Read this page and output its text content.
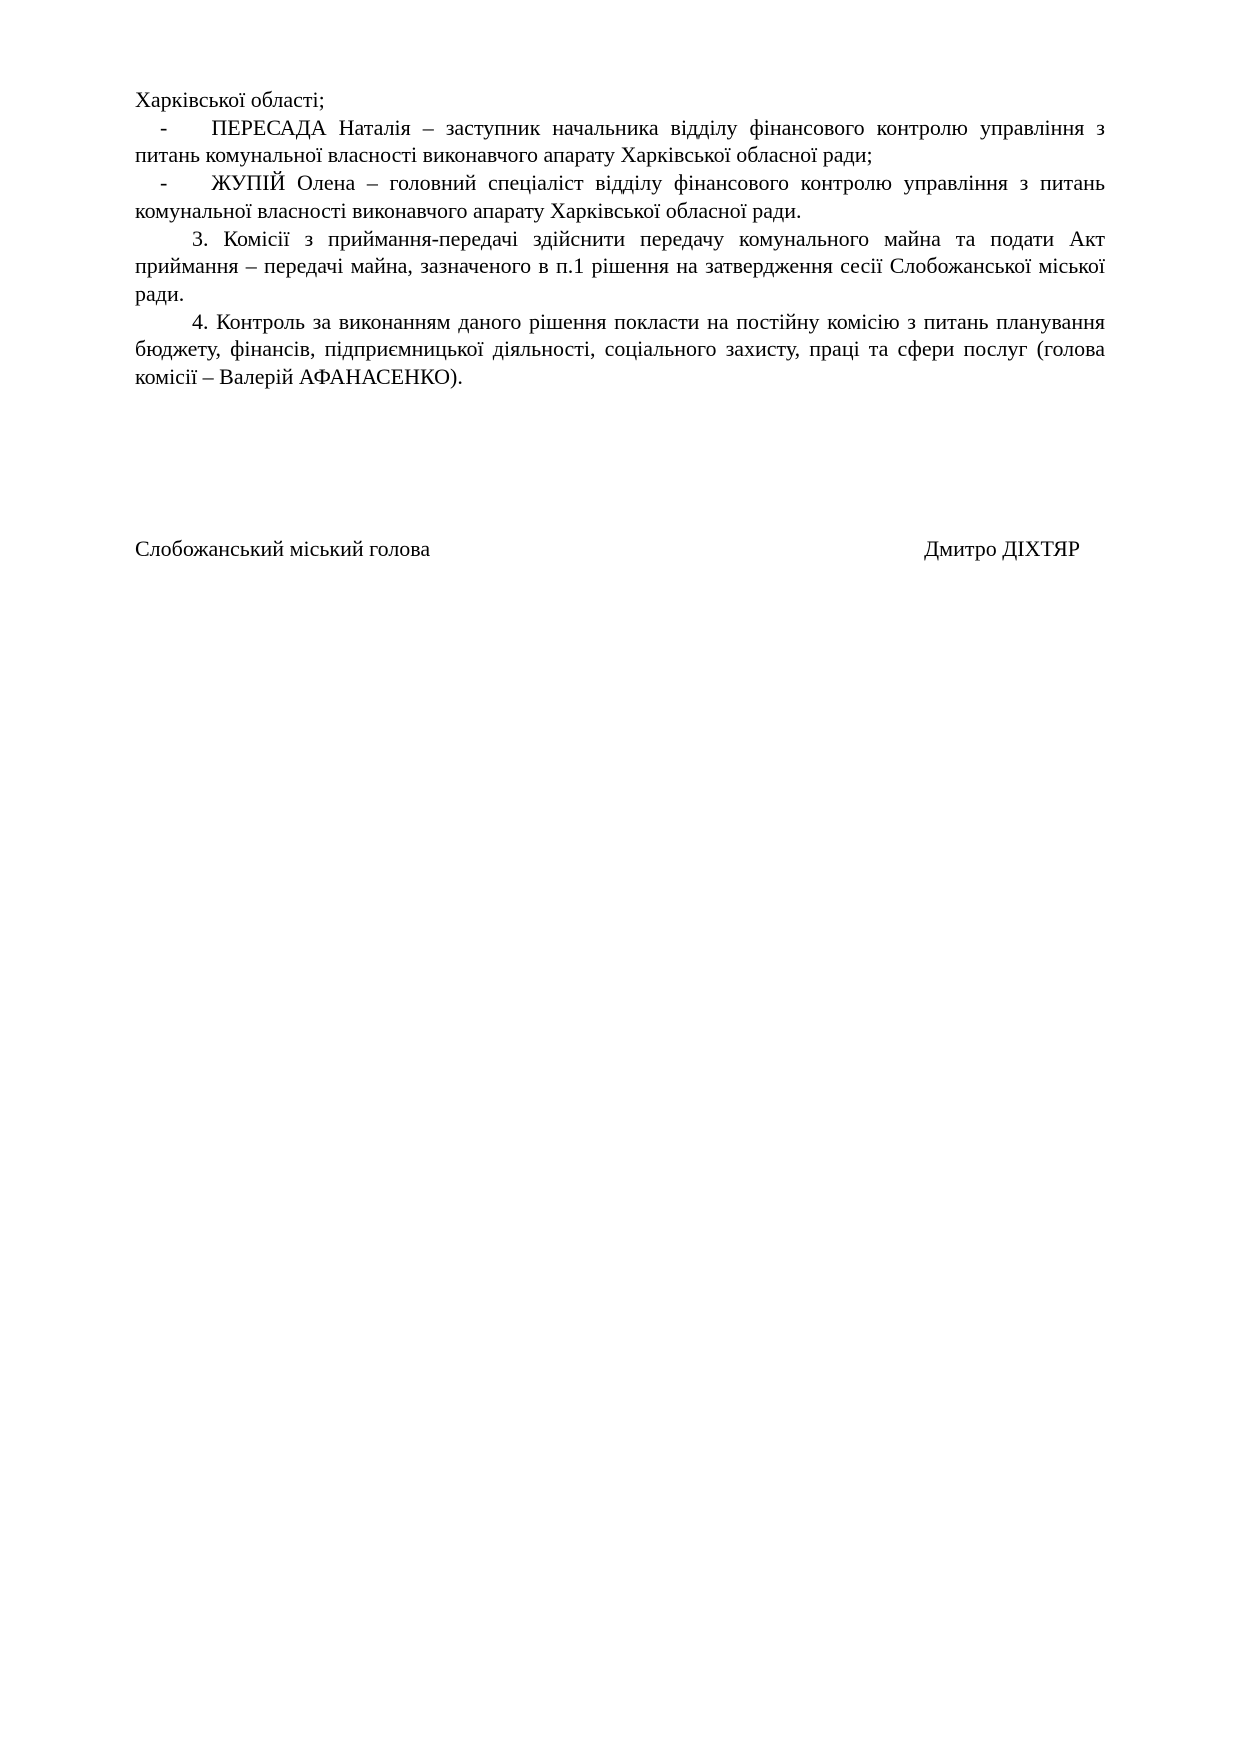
Харківської області;

- ПЕРЕСАДА Наталія – заступник начальника відділу фінансового контролю управління з питань комунальної власності виконавчого апарату Харківської обласної ради;

- ЖУПІЙ Олена – головний спеціаліст відділу фінансового контролю управління з питань комунальної власності виконавчого апарату Харківської обласної ради.

3. Комісії з приймання-передачі здійснити передачу комунального майна та подати Акт приймання – передачі майна, зазначеного в п.1 рішення на затвердження сесії Слобожанської міської ради.

4. Контроль за виконанням даного рішення покласти на постійну комісію з питань планування бюджету, фінансів, підприємницької діяльності, соціального захисту, праці та сфери послуг (голова комісії – Валерій АФАНАСЕНКО).

Слобожанський міський голова	Дмитро ДІХТЯР
